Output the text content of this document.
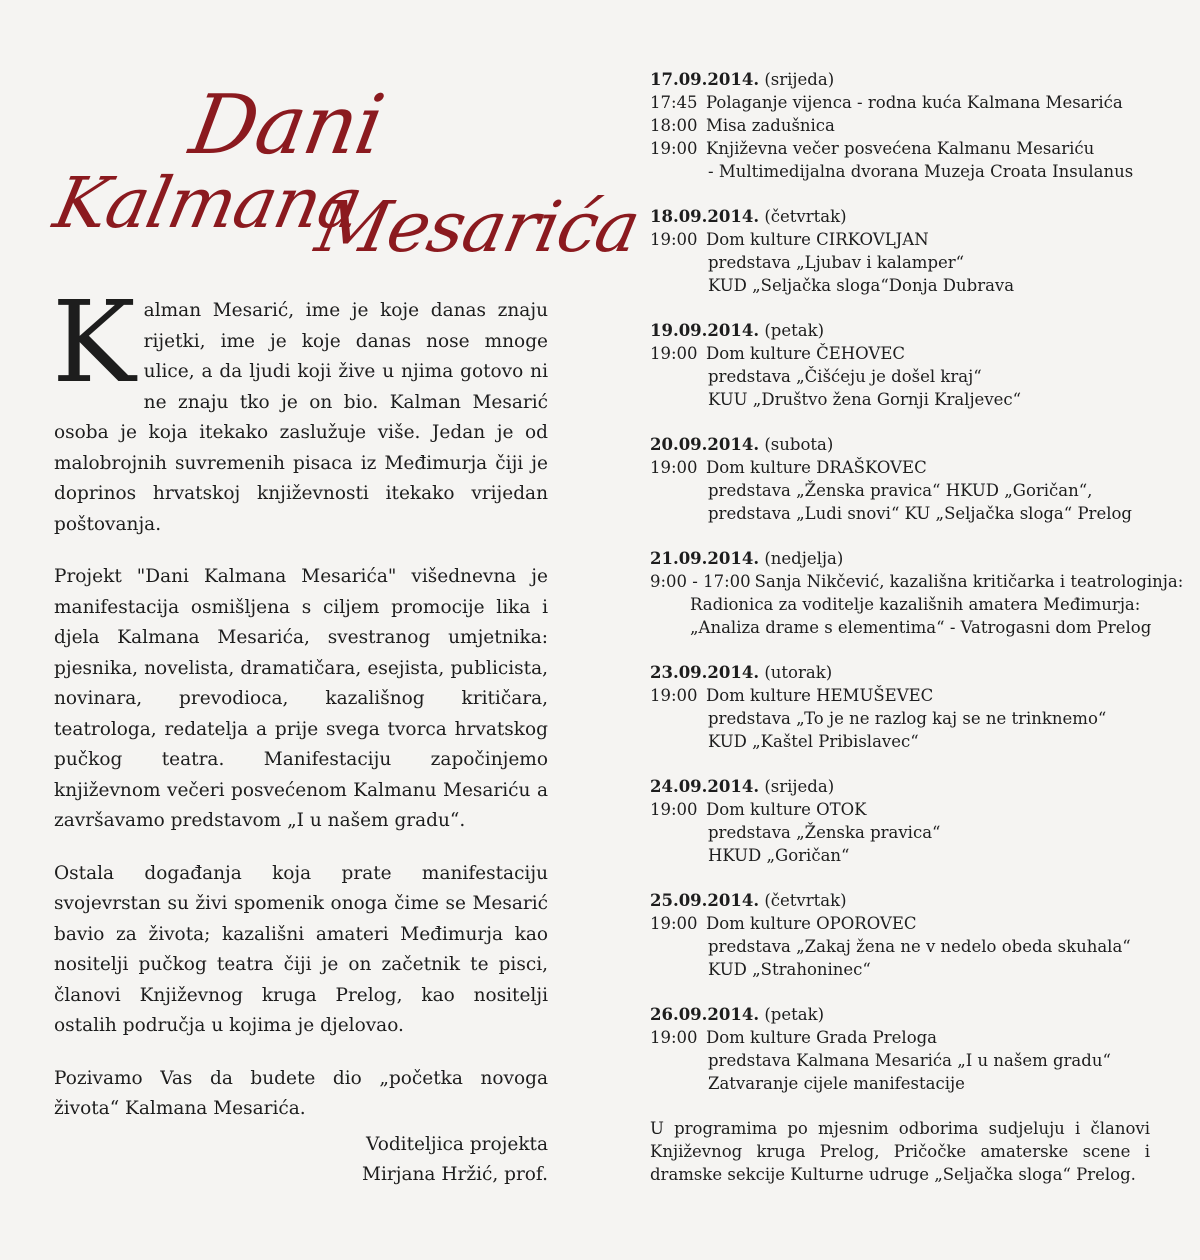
Dani
Kalmana
Mesarića

Kalman Mesarić, ime je koje danas znaju rijetki, ime je koje danas nose mnoge ulice, a da ljudi koji žive u njima gotovo ni ne znaju tko je on bio. Kalman Mesarić osoba je koja itekako zaslužuje više. Jedan je od malobrojnih suvremenih pisaca iz Međimurja čiji je doprinos hrvatskoj književnosti itekako vrijedan poštovanja.

Projekt "Dani Kalmana Mesarića" višednevna je manifestacija osmišljena s ciljem promocije lika i djela Kalmana Mesarića, svestranog umjetnika: pjesnika, novelista, dramatičara, esejista, publicista, novinara, prevodioca, kazališnog kritičara, teatrologa, redatelja a prije svega tvorca hrvatskog pučkog teatra. Manifestaciju započinjemo književnom večeri posvećenom Kalmanu Mesariću a završavamo predstavom „I u našem gradu“.

Ostala događanja koja prate manifestaciju svojevrstan su živi spomenik onoga čime se Mesarić bavio za života; kazališni amateri Međimurja kao nositelji pučkog teatra čiji je on začetnik te pisci, članovi Književnog kruga Prelog, kao nositelji ostalih područja u kojima je djelovao.

Pozivamo Vas da budete dio „početka novoga života“ Kalmana Mesarića.

Voditeljica projekta
Mirjana Hržić, prof.
17.09.2014. (srijeda)
17:45 Polaganje vijenca - rodna kuća Kalmana Mesarića
18:00 Misa zadušnica
19:00 Književna večer posvećena Kalmanu Mesariću
- Multimedijalna dvorana Muzeja Croata Insulanus
18.09.2014. (četvrtak)
19:00 Dom kulture CIRKOVLJAN
predstava „Ljubav i kalamper“
KUD „Seljačka sloga“Donja Dubrava
19.09.2014. (petak)
19:00 Dom kulture ČEHOVEC
predstava „Čišćeju je došel kraj“
KUU „Društvo žena Gornji Kraljevec“
20.09.2014. (subota)
19:00 Dom kulture DRAŠKOVEC
predstava „Ženska pravica“ HKUD „Goričan“,
predstava „Ludi snovi“ KU „Seljačka sloga“ Prelog
21.09.2014. (nedjelja)
9:00 - 17:00 Sanja Nikčević, kazališna kritičarka i teatrologinja:
Radionica za voditelje kazališnih amatera Međimurja:
„Analiza drame s elementima“ - Vatrogasni dom Prelog
23.09.2014. (utorak)
19:00 Dom kulture HEMUŠEVEC
predstava „To je ne razlog kaj se ne trinknemo“
KUD „Kaštel Pribislavec“
24.09.2014. (srijeda)
19:00 Dom kulture OTOK
predstava „Ženska pravica“
HKUD „Goričan“
25.09.2014. (četvrtak)
19:00 Dom kulture OPOROVEC
predstava „Zakaj žena ne v nedelo obeda skuhala“
KUD „Strahoninec“
26.09.2014. (petak)
19:00 Dom kulture Grada Preloga
predstava Kalmana Mesarića „I u našem gradu“
Zatvaranje cijele manifestacije
U programima po mjesnim odborima sudjeluju i članovi Književnog kruga Prelog, Pričočke amaterske scene i dramske sekcije Kulturne udruge „Seljačka sloga“ Prelog.
